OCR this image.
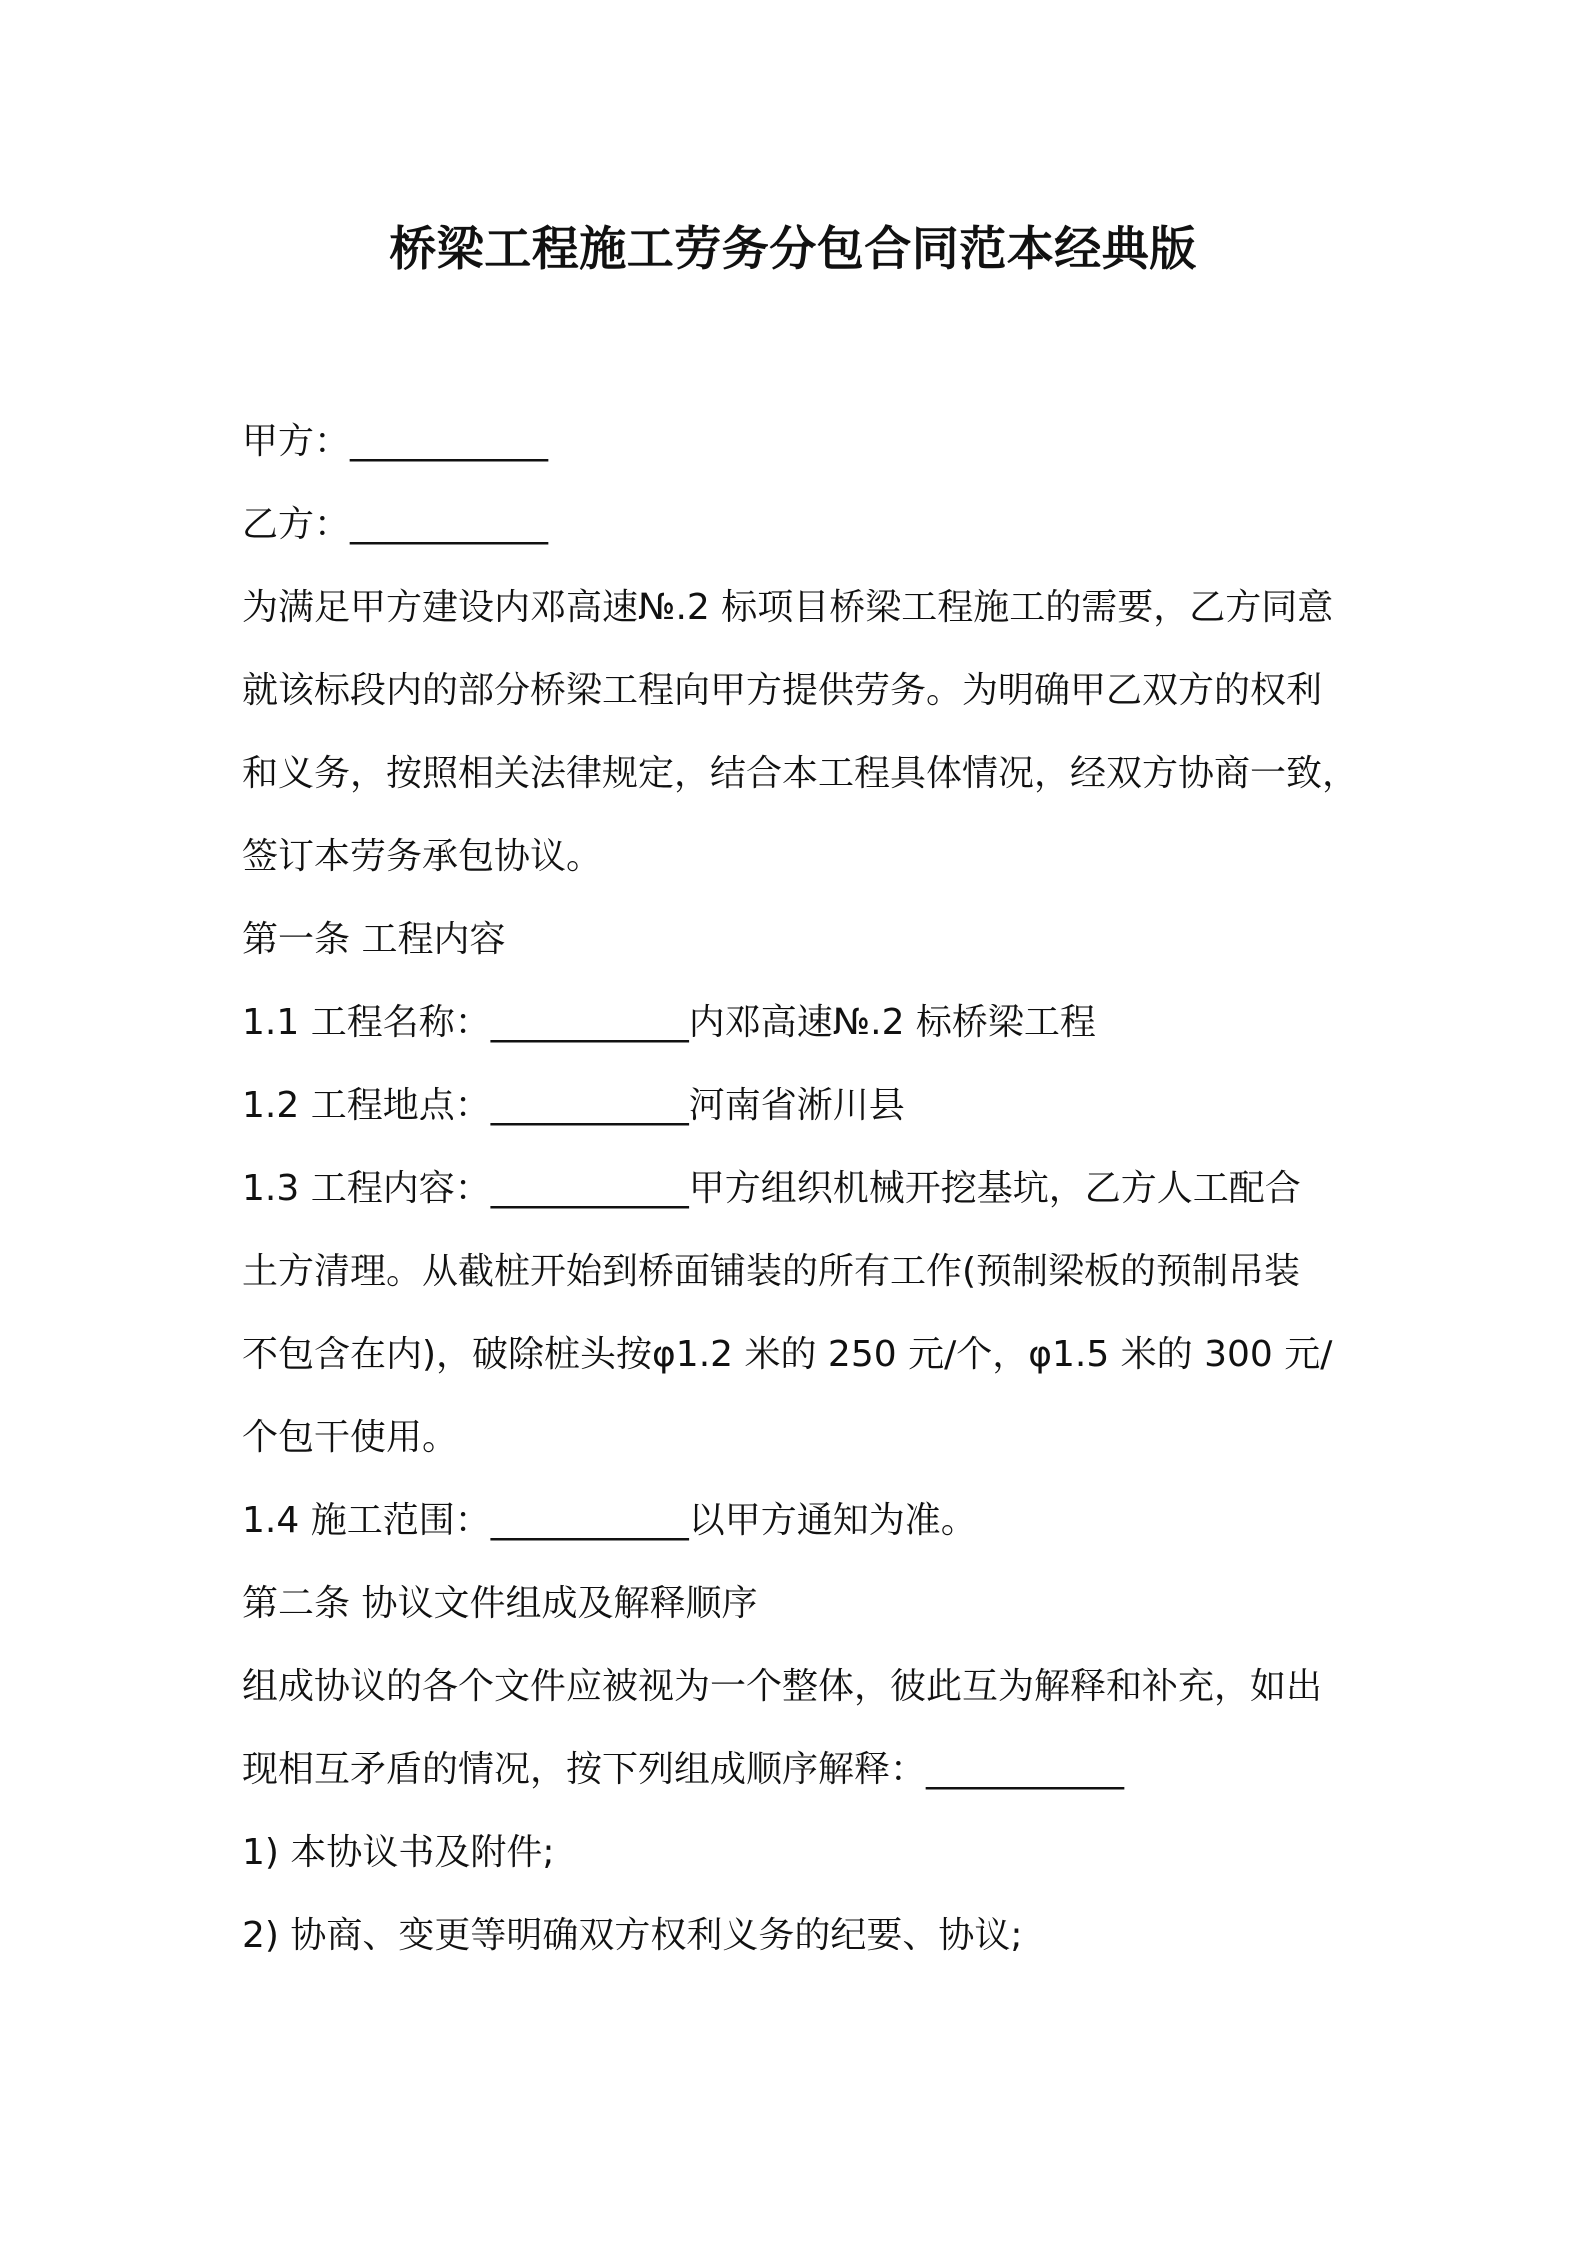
桥梁工程施工劳务分包合同范本经典版
甲方：___________
乙方：___________
为满足甲方建设内邓高速№.2 标项目桥梁工程施工的需要，乙方同意
就该标段内的部分桥梁工程向甲方提供劳务。为明确甲乙双方的权利
和义务，按照相关法律规定，结合本工程具体情况，经双方协商一致，
签订本劳务承包协议。
第一条 工程内容
1.1 工程名称：___________内邓高速№.2 标桥梁工程
1.2 工程地点：___________河南省淅川县
1.3 工程内容：___________甲方组织机械开挖基坑，乙方人工配合
土方清理。从截桩开始到桥面铺装的所有工作(预制梁板的预制吊装
不包含在内)，破除桩头按φ1.2 米的 250 元/个，φ1.5 米的 300 元/
个包干使用。
1.4 施工范围：___________以甲方通知为准。
第二条 协议文件组成及解释顺序
组成协议的各个文件应被视为一个整体，彼此互为解释和补充，如出
现相互矛盾的情况，按下列组成顺序解释：___________
1) 本协议书及附件;
2) 协商、变更等明确双方权利义务的纪要、协议;
